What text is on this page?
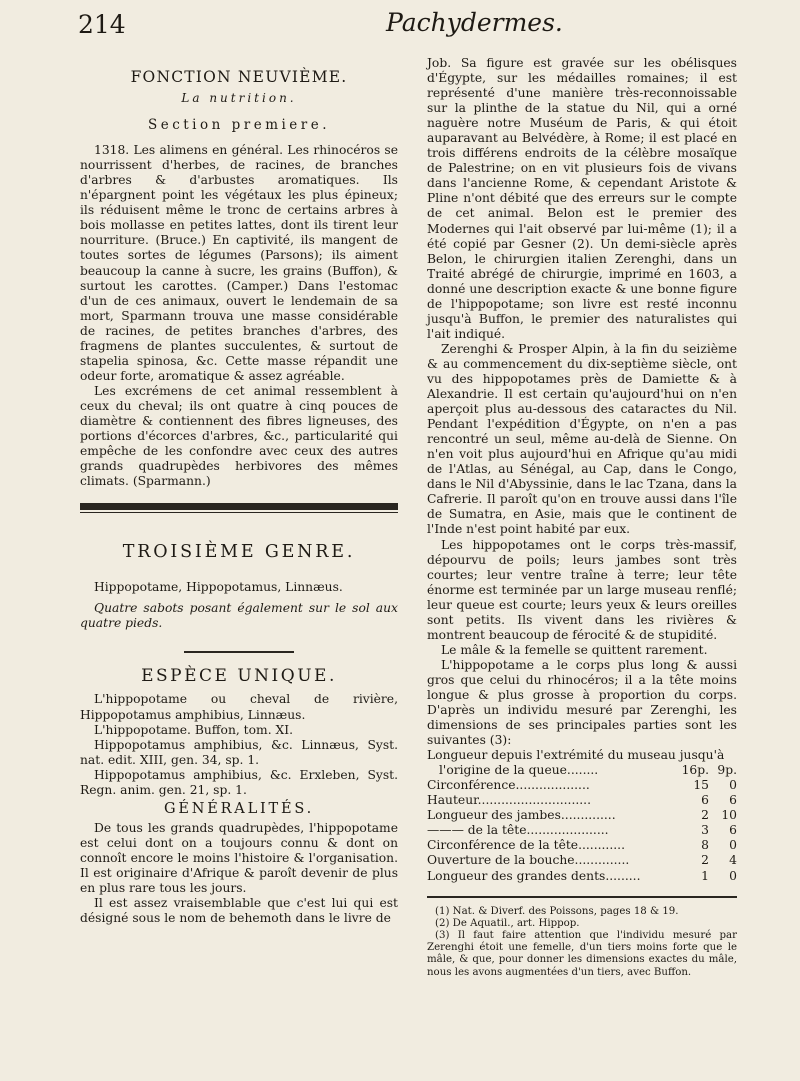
214	Pachydermes.
FONCTION NEUVIÈME.
La nutrition.
Section premiere.

1318. Les alimens en général. Les rhinocéros se nourrissent d'herbes, de racines, de branches d'arbres & d'arbustes aromatiques. Ils n'épargnent point les végétaux les plus épineux; ils réduisent même le tronc de certains arbres à bois mollasse en petites lattes, dont ils tirent leur nourriture. (Bruce.) En captivité, ils mangent de toutes sortes de légumes (Parsons); ils aiment beaucoup la canne à sucre, les grains (Buffon), & surtout les carottes. (Camper.) Dans l'estomac d'un de ces animaux, ouvert le lendemain de sa mort, Sparmann trouva une masse considérable de racines, de petites branches d'arbres, des fragmens de plantes succulentes, & surtout de stapelia spinosa, &c. Cette masse répandit une odeur forte, aromatique & assez agréable.

Les excrémens de cet animal ressemblent à ceux du cheval; ils ont quatre à cinq pouces de diamètre & contiennent des fibres ligneuses, des portions d'écorces d'arbres, &c., particularité qui empêche de les confondre avec ceux des autres grands quadrupèdes herbivores des mêmes climats. (Sparmann.)

TROISIÈME GENRE.

Hippopotame, Hippopotamus, Linnæus.

Quatre sabots posant également sur le sol aux quatre pieds.

ESPÈCE UNIQUE.

L'hippopotame ou cheval de rivière, Hippopotamus amphibius, Linnæus.

L'hippopotame. Buffon, tom. XI.

Hippopotamus amphibius, &c. Linnæus, Syst. nat. edit. XIII, gen. 34, sp. 1.

Hippopotamus amphibius, &c. Erxleben, Syst. Regn. anim. gen. 21, sp. 1.

GÉNÉRALITÉS.

De tous les grands quadrupèdes, l'hippopotame est celui dont on a toujours connu & dont on connoît encore le moins l'histoire & l'organisation. Il est originaire d'Afrique & paroît devenir de plus en plus rare tous les jours.

Il est assez vraisemblable que c'est lui qui est désigné sous le nom de behemoth dans le livre de

Job. Sa figure est gravée sur les obélisques d'Égypte, sur les médailles romaines; il est représenté d'une manière très-reconnoissable sur la plinthe de la statue du Nil, qui a orné naguère notre Muséum de Paris, & qui étoit auparavant au Belvédère, à Rome; il est placé en trois différens endroits de la célèbre mosaïque de Palestrine; on en vit plusieurs fois de vivans dans l'ancienne Rome, & cependant Aristote & Pline n'ont débité que des erreurs sur le compte de cet animal. Belon est le premier des Modernes qui l'ait observé par lui-même (1); il a été copié par Gesner (2). Un demi-siècle après Belon, le chirurgien italien Zerenghi, dans un Traité abrégé de chirurgie, imprimé en 1603, a donné une description exacte & une bonne figure de l'hippopotame; son livre est resté inconnu jusqu'à Buffon, le premier des naturalistes qui l'ait indiqué.

Zerenghi & Prosper Alpin, à la fin du seizième & au commencement du dix-septième siècle, ont vu des hippopotames près de Damiette & à Alexandrie. Il est certain qu'aujourd'hui on n'en aperçoit plus au-dessous des cataractes du Nil. Pendant l'expédition d'Égypte, on n'en a pas rencontré un seul, même au-delà de Sienne. On n'en voit plus aujourd'hui en Afrique qu'au midi de l'Atlas, au Sénégal, au Cap, dans le Congo, dans le Nil d'Abyssinie, dans le lac Tzana, dans la Cafrerie. Il paroît qu'on en trouve aussi dans l'île de Sumatra, en Asie, mais que le continent de l'Inde n'est point habité par eux.

Les hippopotames ont le corps très-massif, dépourvu de poils; leurs jambes sont très courtes; leur ventre traîne à terre; leur tête énorme est terminée par un large museau renflé; leur queue est courte; leurs yeux & leurs oreilles sont petits. Ils vivent dans les rivières & montrent beaucoup de férocité & de stupidité.

Le mâle & la femelle se quittent rarement.

L'hippopotame a le corps plus long & aussi gros que celui du rhinocéros; il a la tête moins longue & plus grosse à proportion du corps. D'après un individu mesuré par Zerenghi, les dimensions de ses principales parties sont les suivantes (3):

Longueur depuis l'extrémité du museau jusqu'à

l'origine de la queue........	16p.	9p.
Circonférence...................	15	0
Hauteur.............................	6	6
Longueur des jambes..............	2	10
——— de la tête.....................	3	6
Circonférence de la tête............	8	0
Ouverture de la bouche..............	2	4
Longueur des grandes dents.........	1	0

(1) Nat. & Diverf. des Poissons, pages 18 & 19.

(2) De Aquatil., art. Hippop.

(3) Il faut faire attention que l'individu mesuré par Zerenghi étoit une femelle, d'un tiers moins forte que le mâle, & que, pour donner les dimensions exactes du mâle, nous les avons augmentées d'un tiers, avec Buffon.
